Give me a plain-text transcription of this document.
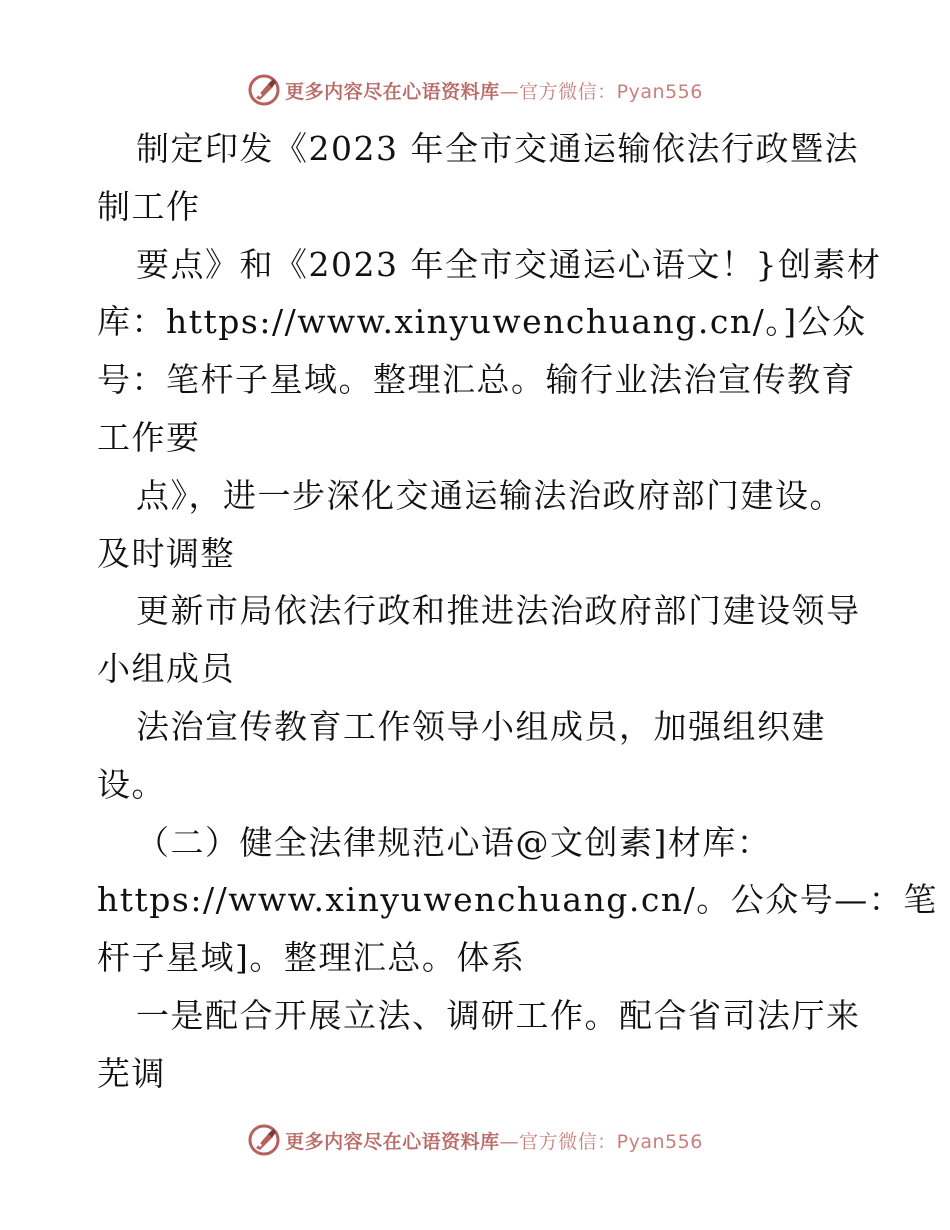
更多内容尽在心语资料库—官方微信：Pyan556
制定印发《2023 年全市交通运输依法行政暨法
制工作
要点》和《2023 年全市交通运心语文！}创素材
库：https://www.xinyuwenchuang.cn/。]公众
号：笔杆子星域。整理汇总。输行业法治宣传教育
工作要
点》，进一步深化交通运输法治政府部门建设。
及时调整
更新市局依法行政和推进法治政府部门建设领导
小组成员
法治宣传教育工作领导小组成员，加强组织建
设。
（二）健全法律规范心语@文创素]材库：
https://www.xinyuwenchuang.cn/。公众号—：笔
杆子星域]。整理汇总。体系
一是配合开展立法、调研工作。配合省司法厅来
芜调
更多内容尽在心语资料库—官方微信：Pyan556
